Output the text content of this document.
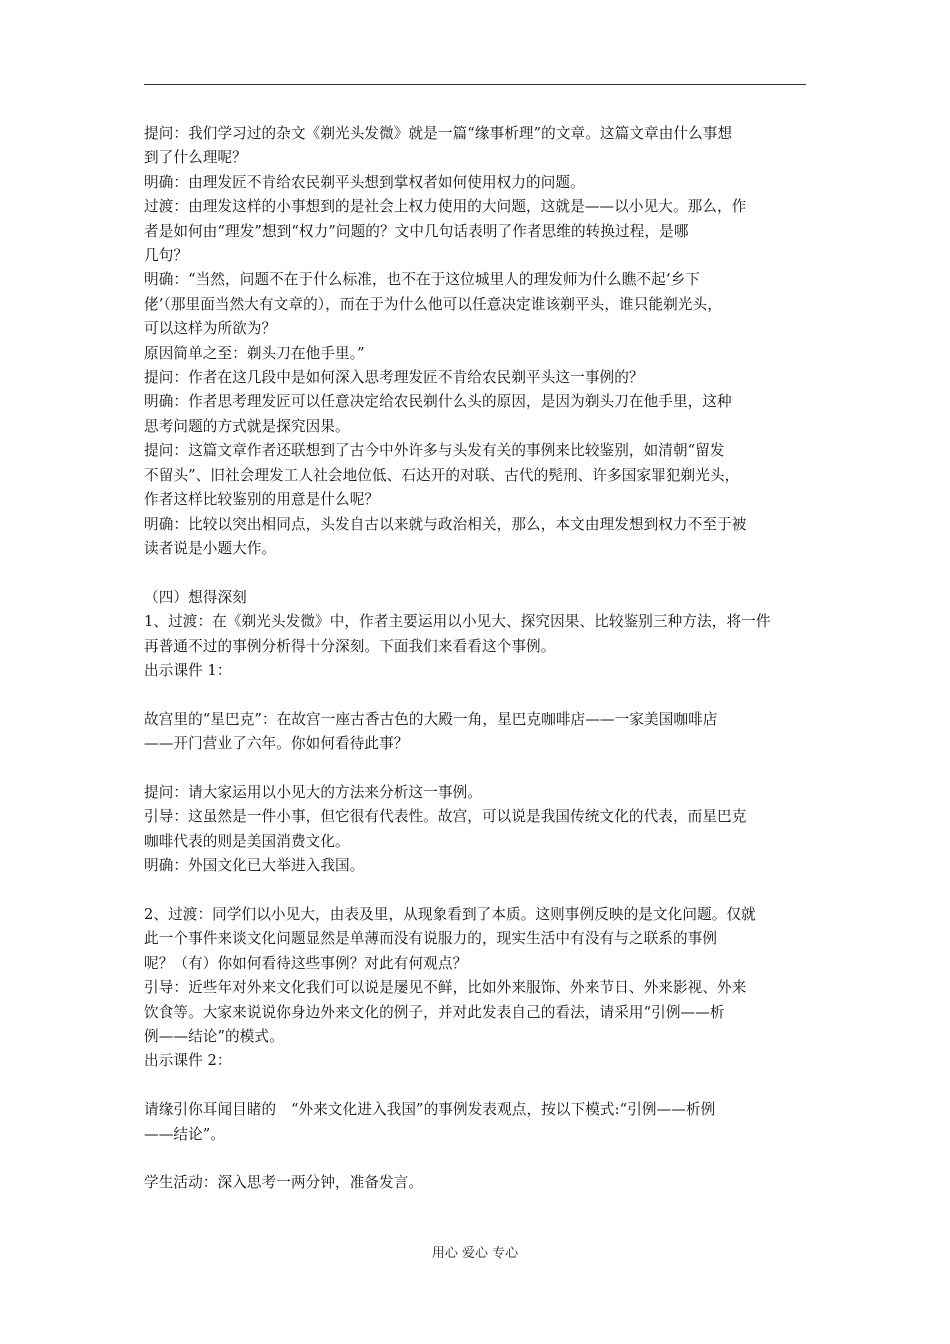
提问：我们学习过的杂文《剃光头发微》就是一篇“缘事析理”的文章。这篇文章由什么事想

到了什么理呢？

明确：由理发匠不肯给农民剃平头想到掌权者如何使用权力的问题。

过渡：由理发这样的小事想到的是社会上权力使用的大问题，这就是——以小见大。那么，作

者是如何由“理发”想到“权力”问题的？文中几句话表明了作者思维的转换过程，是哪

几句？

明确：“当然，问题不在于什么标准，也不在于这位城里人的理发师为什么瞧不起‘乡下

佬’（那里面当然大有文章的），而在于为什么他可以任意决定谁该剃平头，谁只能剃光头，

可以这样为所欲为？

原因简单之至：剃头刀在他手里。”

提问：作者在这几段中是如何深入思考理发匠不肯给农民剃平头这一事例的？

明确：作者思考理发匠可以任意决定给农民剃什么头的原因，是因为剃头刀在他手里，这种

思考问题的方式就是探究因果。

提问：这篇文章作者还联想到了古今中外许多与头发有关的事例来比较鉴别，如清朝“留发

不留头”、旧社会理发工人社会地位低、石达开的对联、古代的髡刑、许多国家罪犯剃光头，

作者这样比较鉴别的用意是什么呢？

明确：比较以突出相同点，头发自古以来就与政治相关，那么，本文由理发想到权力不至于被

读者说是小题大作。

（四）想得深刻

1、过渡：在《剃光头发微》中，作者主要运用以小见大、探究因果、比较鉴别三种方法，将一件

再普通不过的事例分析得十分深刻。下面我们来看看这个事例。

出示课件 1：

故宫里的“星巴克”：在故宫一座古香古色的大殿一角，星巴克咖啡店——一家美国咖啡店

——开门营业了六年。你如何看待此事？

提问：请大家运用以小见大的方法来分析这一事例。

引导：这虽然是一件小事，但它很有代表性。故宫，可以说是我国传统文化的代表，而星巴克

咖啡代表的则是美国消费文化。

明确：外国文化已大举进入我国。

2、过渡：同学们以小见大，由表及里，从现象看到了本质。这则事例反映的是文化问题。仅就

此一个事件来谈文化问题显然是单薄而没有说服力的，现实生活中有没有与之联系的事例

呢？（有）你如何看待这些事例？对此有何观点？

引导：近些年对外来文化我们可以说是屡见不鲜，比如外来服饰、外来节日、外来影视、外来

饮食等。大家来说说你身边外来文化的例子，并对此发表自己的看法，请采用“引例——析

例——结论”的模式。

出示课件 2：

请缘引你耳闻目睹的　“外来文化进入我国”的事例发表观点，按以下模式:“引例——析例

——结论”。

学生活动：深入思考一两分钟，准备发言。

用心 爱心 专心
